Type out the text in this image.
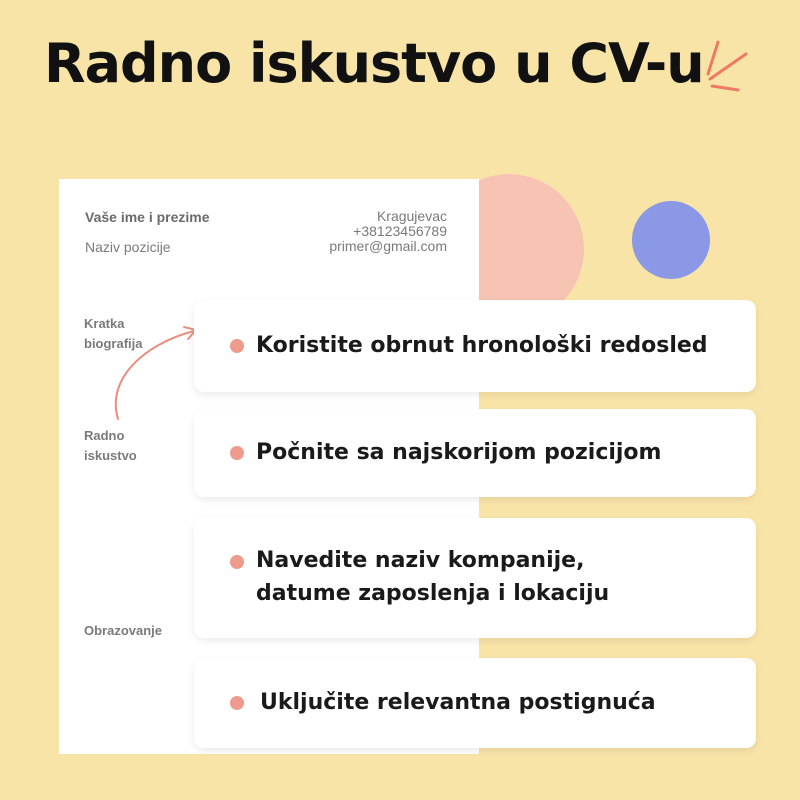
Radno iskustvo u CV-u
Vaše ime i prezime
Naziv pozicije
Kragujevac
+38123456789
primer@gmail.com
Kratka
biografija
Radno
iskustvo
Obrazovanje
Koristite obrnut hronološki redosled
Počnite sa najskorijom pozicijom
Navedite naziv kompanije,
datume zaposlenja i lokaciju
Uključite relevantna postignuća
